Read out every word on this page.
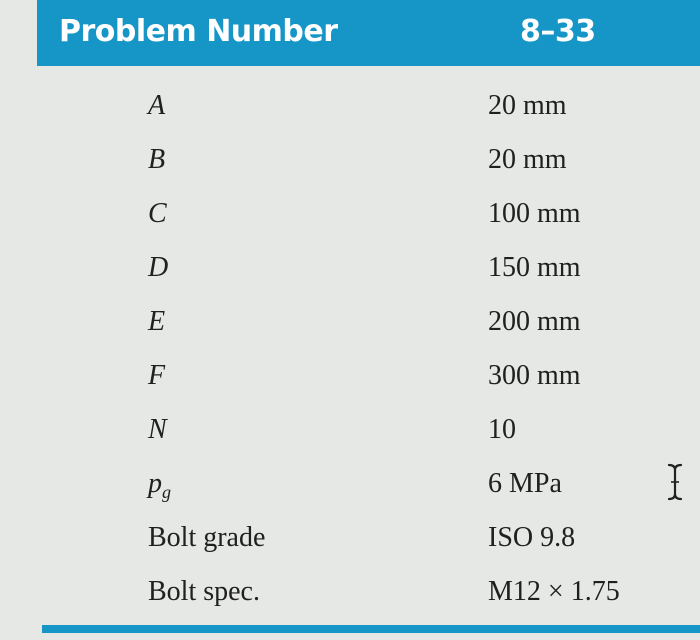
Problem Number	8–33
A	20 mm
B	20 mm
C	100 mm
D	150 mm
E	200 mm
F	300 mm
N	10
$p_g$	6 MPa
Bolt grade	ISO 9.8
Bolt spec.	M12 × 1.75
